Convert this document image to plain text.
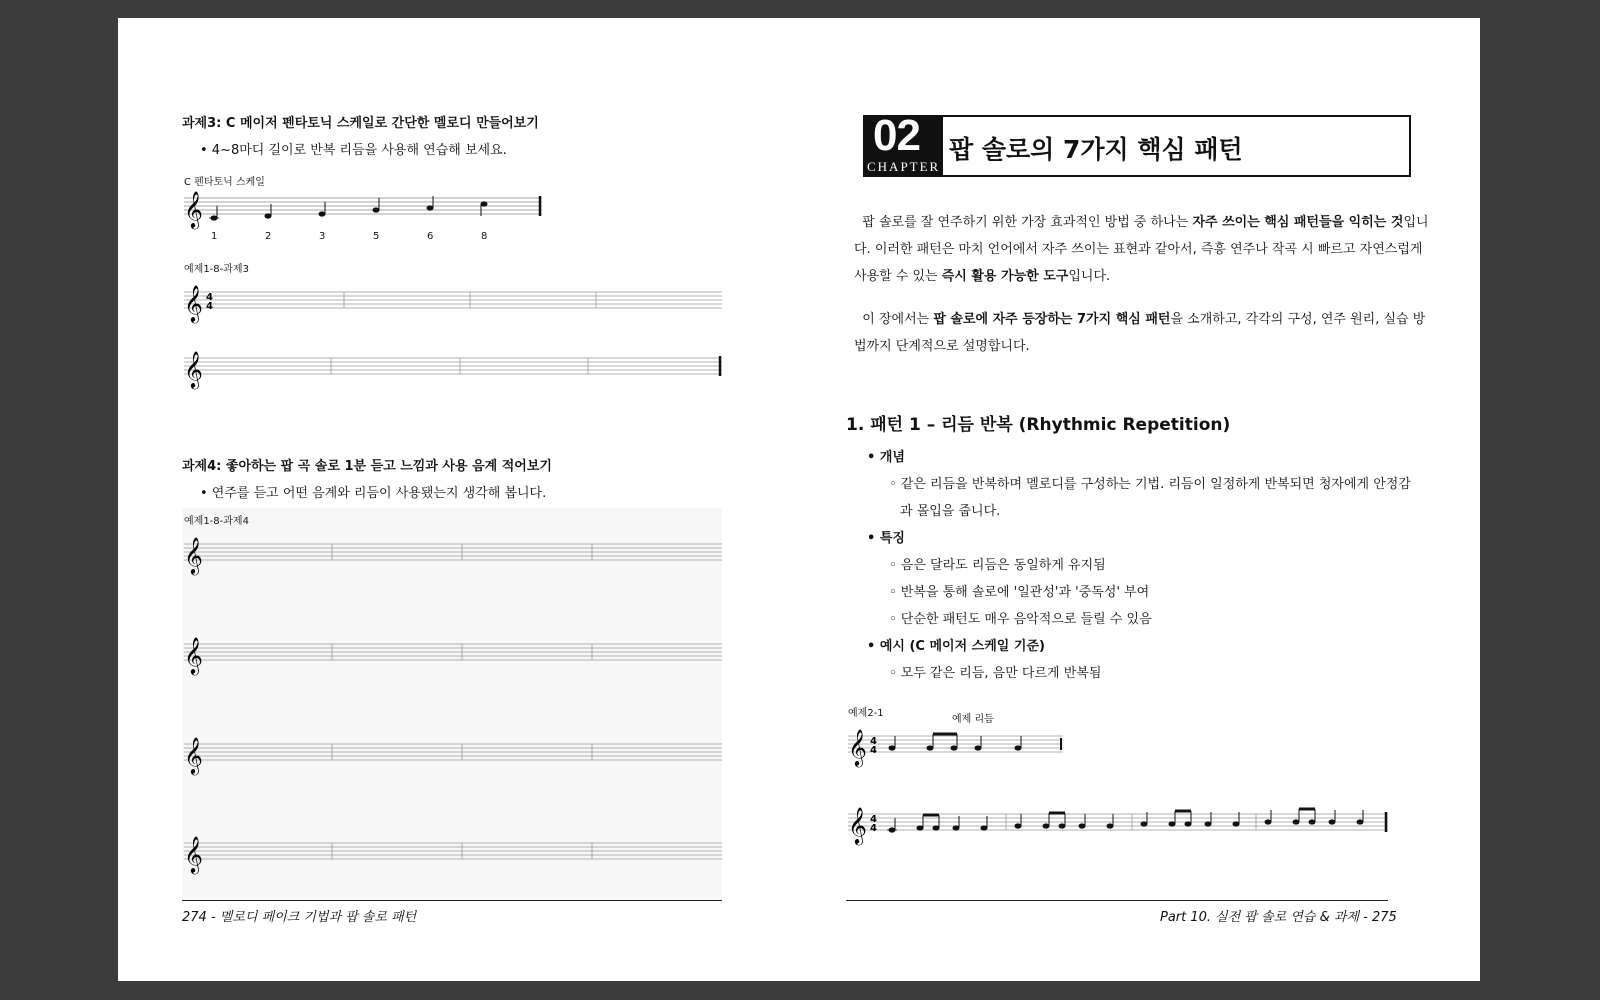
과제3: C 메이저 펜타토닉 스케일로 간단한 멜로디 만들어보기
• 4~8마디 길이로 반복 리듬을 사용해 연습해 보세요.
C 펜타토닉 스케일
𝄞
1	2	3	5	6	8
예제1-8-과제3
𝄞 4
4
𝄞
과제4: 좋아하는 팝 곡 솔로 1분 듣고 느낌과 사용 음계 적어보기
• 연주를 듣고 어떤 음계와 리듬이 사용됐는지 생각해 봅니다.
예제1-8-과제4
𝄞
𝄞
𝄞
𝄞
274 - 멜로디 페이크 기법과 팝 솔로 패턴
02
CHAPTER
팝 솔로의 7가지 핵심 패턴
팝 솔로를 잘 연주하기 위한 가장 효과적인 방법 중 하나는 자주 쓰이는 핵심 패턴들을 익히는 것입니
다. 이러한 패턴은 마치 언어에서 자주 쓰이는 표현과 같아서, 즉흥 연주나 작곡 시 빠르고 자연스럽게
사용할 수 있는 즉시 활용 가능한 도구입니다.
이 장에서는 팝 솔로에 자주 등장하는 7가지 핵심 패턴을 소개하고, 각각의 구성, 연주 원리, 실습 방
법까지 단계적으로 설명합니다.
1. 패턴 1 – 리듬 반복 (Rhythmic Repetition)
• 개념
◦ 같은 리듬을 반복하며 멜로디를 구성하는 기법. 리듬이 일정하게 반복되면 청자에게 안정감
과 몰입을 줍니다.
• 특징
◦ 음은 달라도 리듬은 동일하게 유지됨
◦ 반복을 통해 솔로에 '일관성'과 '중독성' 부여
◦ 단순한 패턴도 매우 음악적으로 들릴 수 있음
• 예시 (C 메이저 스케일 기준)
◦ 모두 같은 리듬, 음만 다르게 반복됨
예제2-1
예제 리듬
𝄞 4
4
𝄞 4
4
Part 10. 실전 팝 솔로 연습 & 과제 - 275
